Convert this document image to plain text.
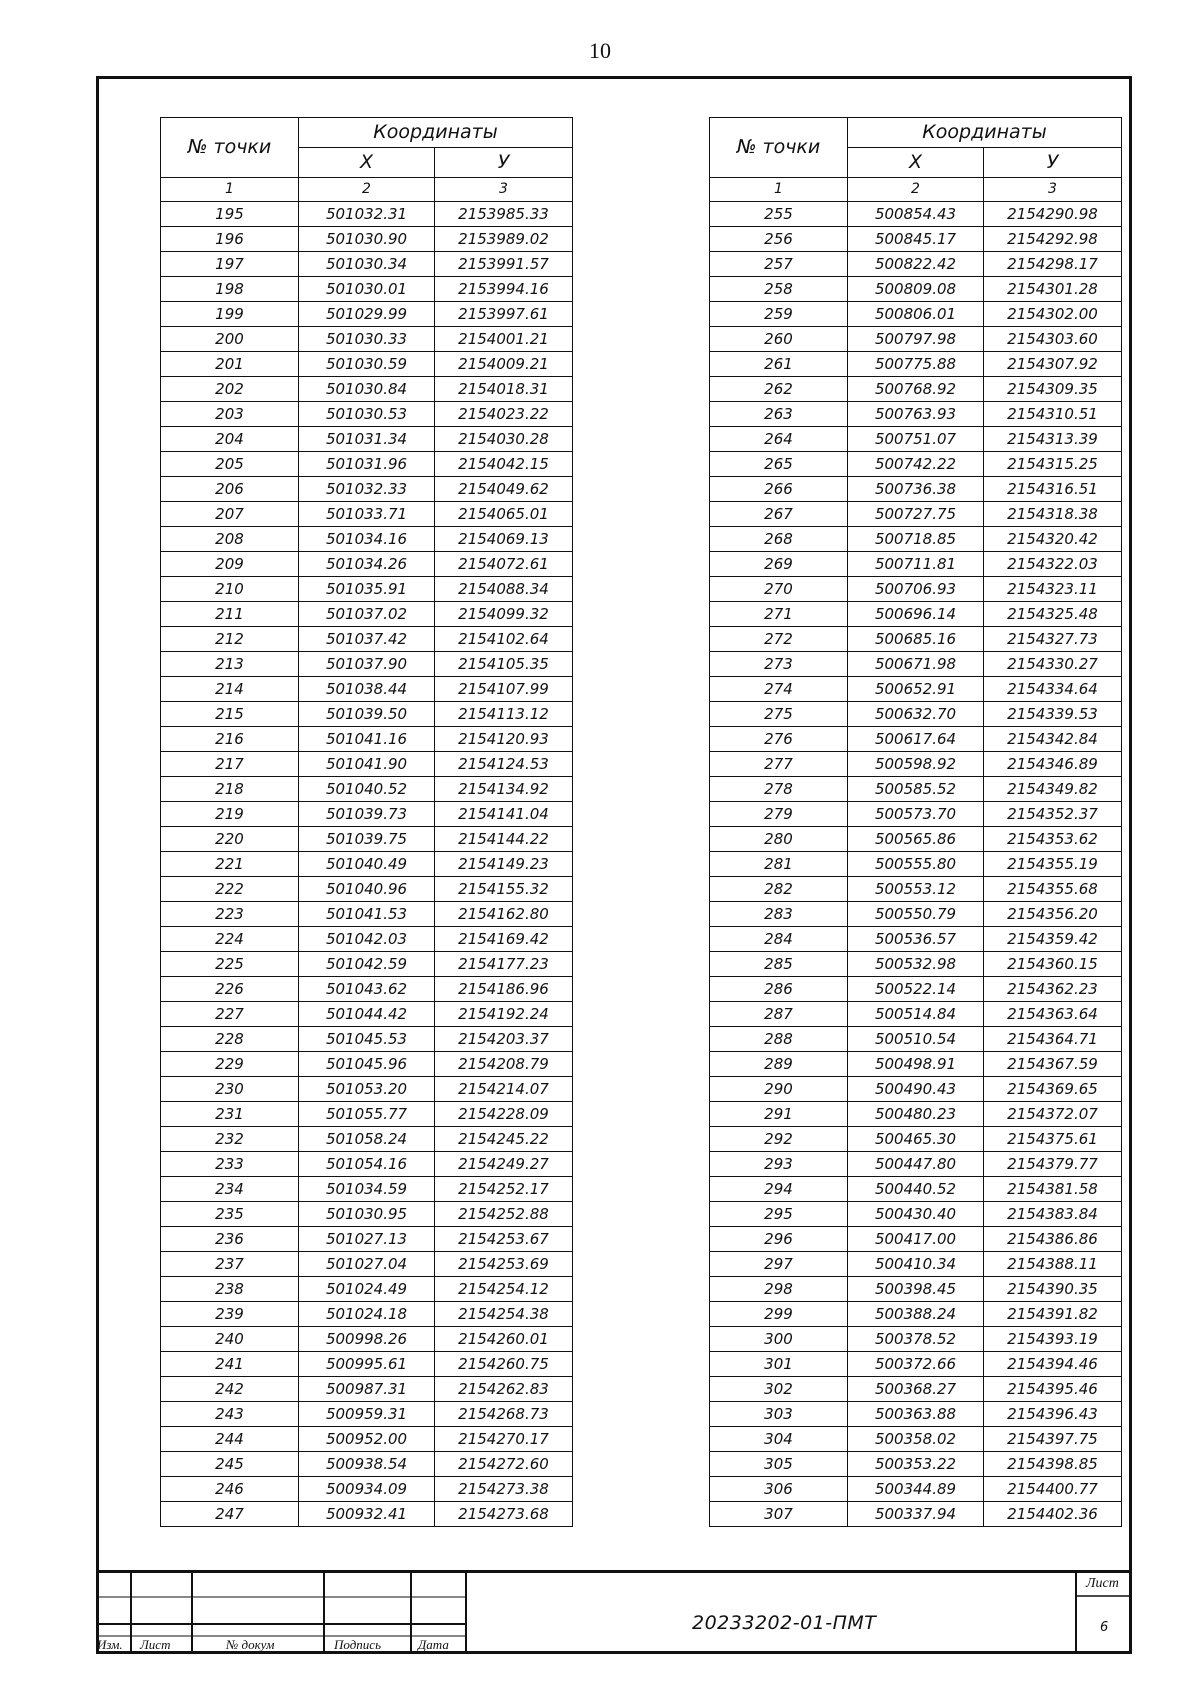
10
№ точки	Координаты	
	Х	У
1	2	3
195	501032.31	2153985.33
196	501030.90	2153989.02
197	501030.34	2153991.57
198	501030.01	2153994.16
199	501029.99	2153997.61
200	501030.33	2154001.21
201	501030.59	2154009.21
202	501030.84	2154018.31
203	501030.53	2154023.22
204	501031.34	2154030.28
205	501031.96	2154042.15
206	501032.33	2154049.62
207	501033.71	2154065.01
208	501034.16	2154069.13
209	501034.26	2154072.61
210	501035.91	2154088.34
211	501037.02	2154099.32
212	501037.42	2154102.64
213	501037.90	2154105.35
214	501038.44	2154107.99
215	501039.50	2154113.12
216	501041.16	2154120.93
217	501041.90	2154124.53
218	501040.52	2154134.92
219	501039.73	2154141.04
220	501039.75	2154144.22
221	501040.49	2154149.23
222	501040.96	2154155.32
223	501041.53	2154162.80
224	501042.03	2154169.42
225	501042.59	2154177.23
226	501043.62	2154186.96
227	501044.42	2154192.24
228	501045.53	2154203.37
229	501045.96	2154208.79
230	501053.20	2154214.07
231	501055.77	2154228.09
232	501058.24	2154245.22
233	501054.16	2154249.27
234	501034.59	2154252.17
235	501030.95	2154252.88
236	501027.13	2154253.67
237	501027.04	2154253.69
238	501024.49	2154254.12
239	501024.18	2154254.38
240	500998.26	2154260.01
241	500995.61	2154260.75
242	500987.31	2154262.83
243	500959.31	2154268.73
244	500952.00	2154270.17
245	500938.54	2154272.60
246	500934.09	2154273.38
247	500932.41	2154273.68
№ точки	Координаты	
	Х	У
1	2	3
255	500854.43	2154290.98
256	500845.17	2154292.98
257	500822.42	2154298.17
258	500809.08	2154301.28
259	500806.01	2154302.00
260	500797.98	2154303.60
261	500775.88	2154307.92
262	500768.92	2154309.35
263	500763.93	2154310.51
264	500751.07	2154313.39
265	500742.22	2154315.25
266	500736.38	2154316.51
267	500727.75	2154318.38
268	500718.85	2154320.42
269	500711.81	2154322.03
270	500706.93	2154323.11
271	500696.14	2154325.48
272	500685.16	2154327.73
273	500671.98	2154330.27
274	500652.91	2154334.64
275	500632.70	2154339.53
276	500617.64	2154342.84
277	500598.92	2154346.89
278	500585.52	2154349.82
279	500573.70	2154352.37
280	500565.86	2154353.62
281	500555.80	2154355.19
282	500553.12	2154355.68
283	500550.79	2154356.20
284	500536.57	2154359.42
285	500532.98	2154360.15
286	500522.14	2154362.23
287	500514.84	2154363.64
288	500510.54	2154364.71
289	500498.91	2154367.59
290	500490.43	2154369.65
291	500480.23	2154372.07
292	500465.30	2154375.61
293	500447.80	2154379.77
294	500440.52	2154381.58
295	500430.40	2154383.84
296	500417.00	2154386.86
297	500410.34	2154388.11
298	500398.45	2154390.35
299	500388.24	2154391.82
300	500378.52	2154393.19
301	500372.66	2154394.46
302	500368.27	2154395.46
303	500363.88	2154396.43
304	500358.02	2154397.75
305	500353.22	2154398.85
306	500344.89	2154400.77
307	500337.94	2154402.36
Изм. Лист	№ докум	Подпись	Дата
20233202-01-ПМТ
Лист
6
